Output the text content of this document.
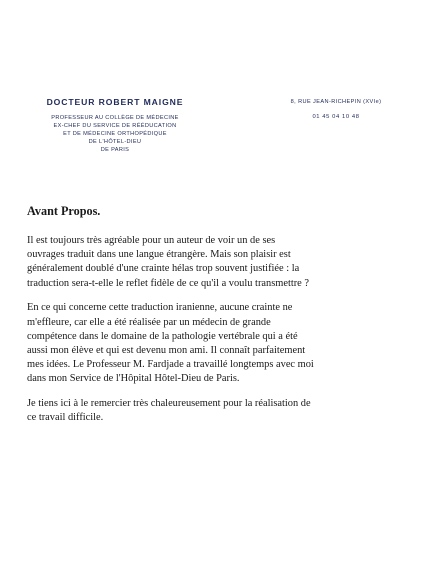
DOCTEUR ROBERT MAIGNE
PROFESSEUR AU COLLÈGE DE MÉDECINE
EX-CHEF DU SERVICE DE RÉÉDUCATION
ET DE MÉDECINE ORTHOPÉDIQUE
DE L'HÔTEL-DIEU
DE PARIS
8, RUE JEAN-RICHEPIN (XVIe)
01 45 04 10 48
Avant Propos.
Il est toujours très agréable pour un auteur de voir un de ses
ouvrages traduit dans une langue étrangère. Mais son plaisir est
généralement doublé d'une crainte hélas trop souvent justifiée : la
traduction sera-t-elle le reflet fidèle de ce qu'il a voulu transmettre ?
En ce qui concerne cette traduction iranienne, aucune crainte ne
m'effleure, car elle a été réalisée par un médecin de grande
compétence dans le domaine de la pathologie vertébrale qui a été
aussi mon élève et qui est devenu mon ami. Il connaît parfaitement
mes idées. Le Professeur M. Fardjade a travaillé longtemps avec moi
dans mon Service de l'Hôpital Hôtel-Dieu de Paris.
Je tiens ici à le remercier très chaleureusement pour la réalisation de
ce travail difficile.
